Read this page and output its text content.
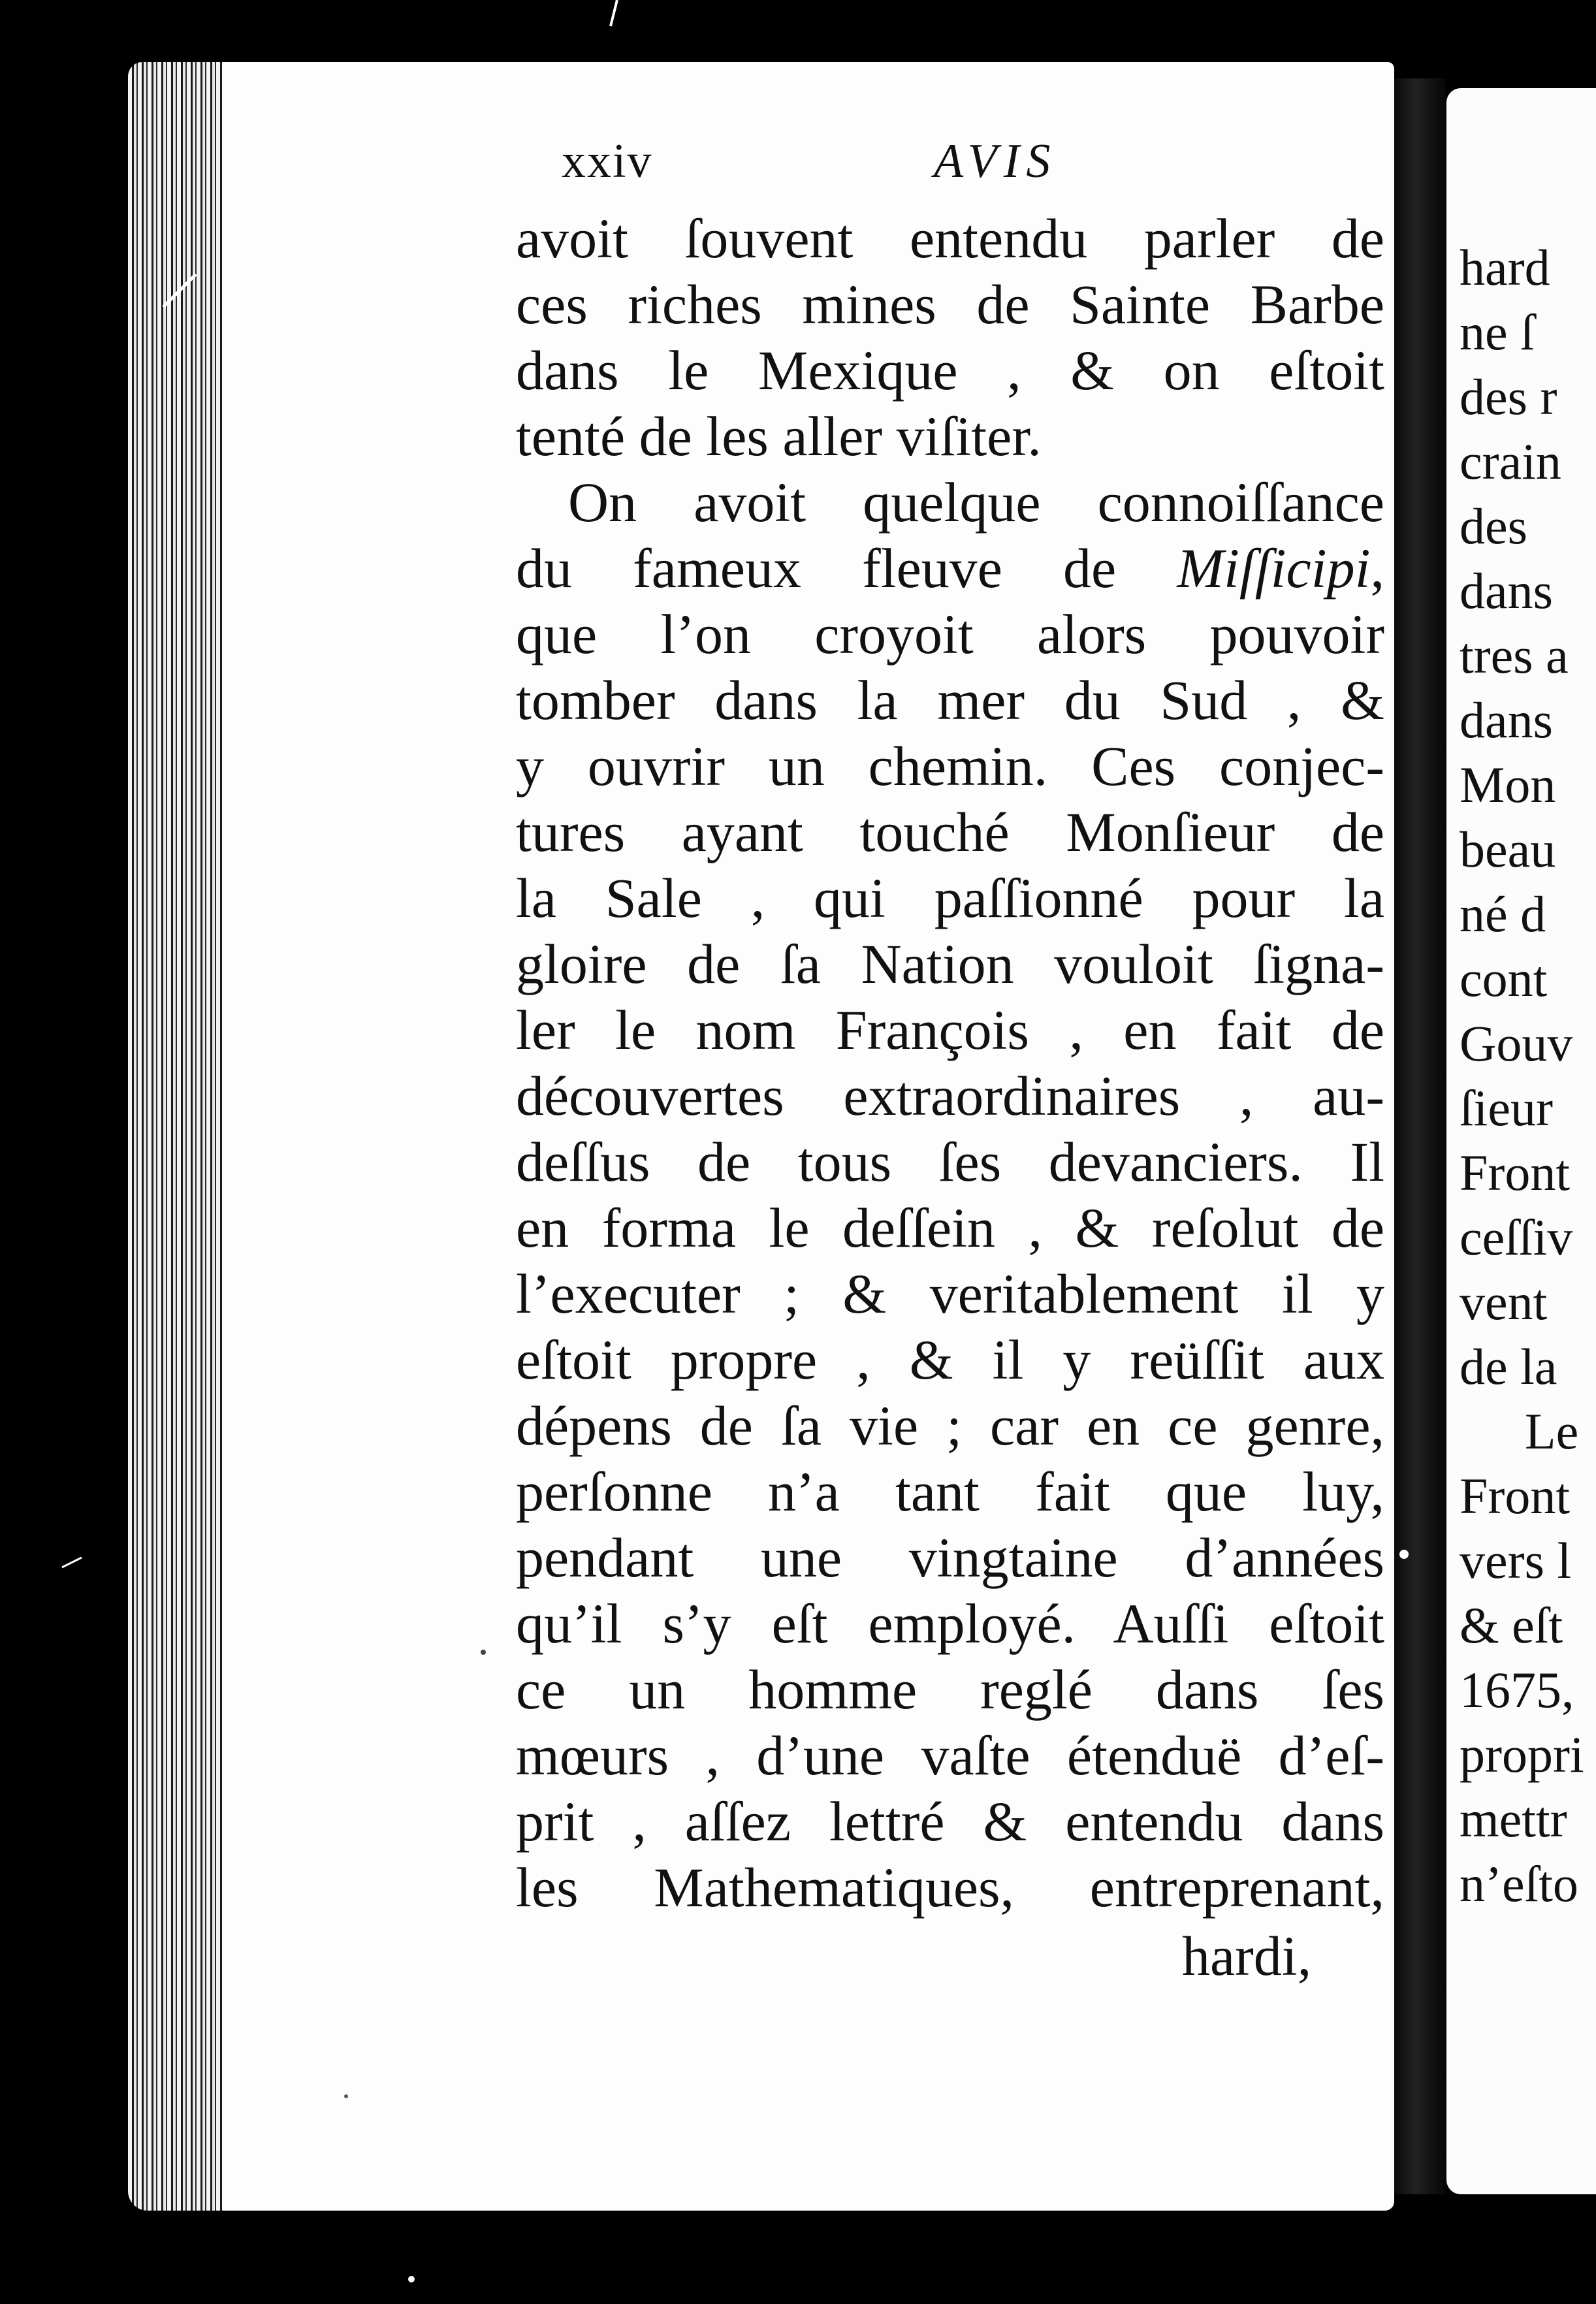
xxiv	AVIS
avoit ſouvent entendu parler de
ces riches mines de Sainte Barbe
dans le Mexique , & on eſtoit
tenté de les aller viſiter.
On avoit quelque connoiſſance
du fameux fleuve de Miſſicipi,
que l’on croyoit alors pouvoir
tomber dans la mer du Sud , &
y ouvrir un chemin. Ces conjec-
tures ayant touché Monſieur de
la Sale , qui paſſionné pour la
gloire de ſa Nation vouloit ſigna-
ler le nom François , en fait de
découvertes extraordinaires , au-
deſſus de tous ſes devanciers. Il
en forma le deſſein , & reſolut de
l’executer ; & veritablement il y
eſtoit propre , & il y reüſſit aux
dépens de ſa vie ; car en ce genre,
perſonne n’a tant fait que luy,
pendant une vingtaine d’années
qu’il s’y eſt employé. Auſſi eſtoit
ce un homme reglé dans ſes
mœurs , d’une vaſte étenduë d’eſ-
prit , aſſez lettré & entendu dans
les Mathematiques, entreprenant,
hardi,
hard
ne ſ
des r
crain
des
dans
tres a
dans
Mon
beau
né d
cont
Gouv
ſieur
Front
ceſſiv
vent
de la
Le
Front
vers l
& eſt
1675,
propri
mettr
n’eſto
